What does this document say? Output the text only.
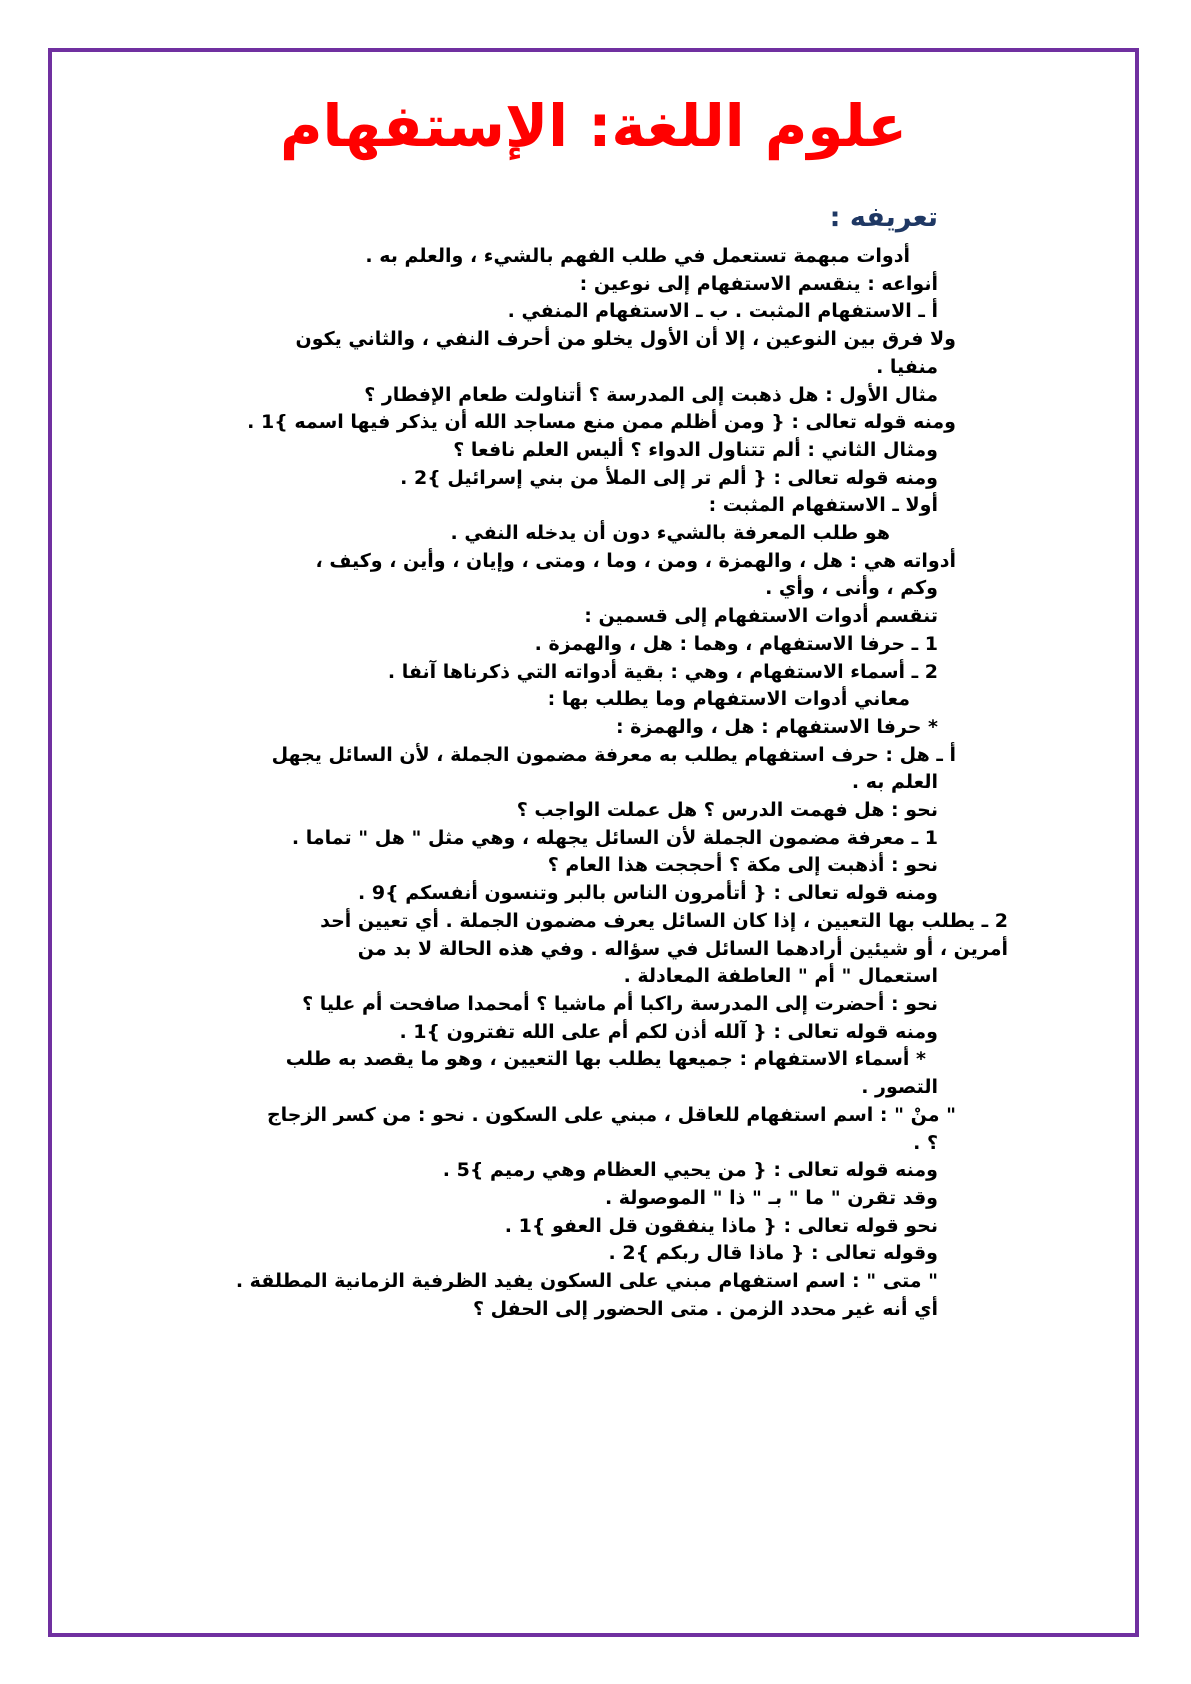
علوم اللغة: الإستفهام
تعريفه :
أدوات مبهمة تستعمل في طلب الفهم بالشيء ، والعلم به .
أنواعه : ينقسم الاستفهام إلى نوعين :
أ ـ الاستفهام المثبت . ب ـ الاستفهام المنفي .
ولا فرق بين النوعين ، إلا أن الأول يخلو من أحرف النفي ، والثاني يكون
منفيا .
مثال الأول : هل ذهبت إلى المدرسة ؟ أتناولت طعام الإفطار ؟
ومنه قوله تعالى : { ومن أظلم ممن منع مساجد الله أن يذكر فيها اسمه }1 .
ومثال الثاني : ألم تتناول الدواء ؟ أليس العلم نافعا ؟
ومنه قوله تعالى : { ألم تر إلى الملأ من بني إسرائيل }2 .
أولا ـ الاستفهام المثبت :
هو طلب المعرفة بالشيء دون أن يدخله النفي .
أدواته هي : هل ، والهمزة ، ومن ، وما ، ومتى ، وإيان ، وأين ، وكيف ،
وكم ، وأنى ، وأي .
تنقسم أدوات الاستفهام إلى قسمين :
1 ـ حرفا الاستفهام ، وهما : هل ، والهمزة .
2 ـ أسماء الاستفهام ، وهي : بقية أدواته التي ذكرناها آنفا .
معاني أدوات الاستفهام وما يطلب بها :
* حرفا الاستفهام : هل ، والهمزة :
أ ـ هل : حرف استفهام يطلب به معرفة مضمون الجملة ، لأن السائل يجهل
العلم به .
نحو : هل فهمت الدرس ؟ هل عملت الواجب ؟
1 ـ معرفة مضمون الجملة لأن السائل يجهله ، وهي مثل " هل " تماما .
نحو : أذهبت إلى مكة ؟ أحججت هذا العام ؟
ومنه قوله تعالى : { أتأمرون الناس بالبر وتنسون أنفسكم }9 .
2 ـ يطلب بها التعيين ، إذا كان السائل يعرف مضمون الجملة . أي تعيين أحد
أمرين ، أو شيئين أرادهما السائل في سؤاله . وفي هذه الحالة لا بد من
استعمال " أم " العاطفة المعادلة .
نحو : أحضرت إلى المدرسة راكبا أم ماشيا ؟ أمحمدا صافحت أم عليا ؟
ومنه قوله تعالى : { آلله أذن لكم أم على الله تفترون }1 .
* أسماء الاستفهام : جميعها يطلب بها التعيين ، وهو ما يقصد به طلب
التصور .
" منْ " : اسم استفهام للعاقل ، مبني على السكون . نحو : من كسر الزجاج
؟ .
ومنه قوله تعالى : { من يحيي العظام وهي رميم }5 .
وقد تقرن " ما " بـ " ذا " الموصولة .
نحو قوله تعالى : { ماذا ينفقون قل العفو }1 .
وقوله تعالى : { ماذا قال ربكم }2 .
" متى " : اسم استفهام مبني على السكون يفيد الظرفية الزمانية المطلقة .
أي أنه غير محدد الزمن . متى الحضور إلى الحفل ؟
